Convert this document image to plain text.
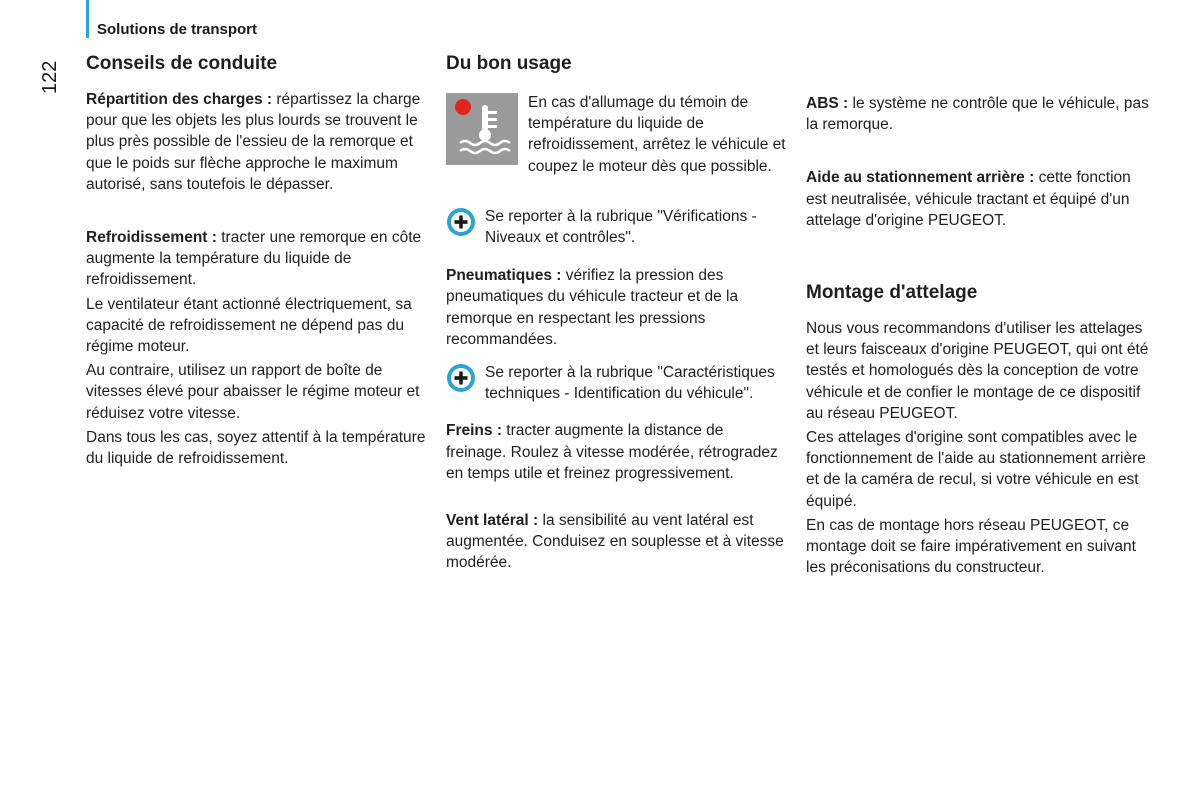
Solutions de transport
122 Conseils de conduite

Répartition des charges : répartissez la charge pour que les objets les plus lourds se trouvent le plus près possible de l'essieu de la remorque et que le poids sur flèche approche le maximum autorisé, sans toutefois le dépasser.

Refroidissement : tracter une remorque en côte augmente la température du liquide de refroidissement.

Le ventilateur étant actionné électriquement, sa capacité de refroidissement ne dépend pas du régime moteur.

Au contraire, utilisez un rapport de boîte de vitesses élevé pour abaisser le régime moteur et réduisez votre vitesse.

Dans tous les cas, soyez attentif à la température du liquide de refroidissement.

Du bon usage

En cas d'allumage du témoin de température du liquide de refroidissement, arrêtez le véhicule et coupez le moteur dès que possible.

Se reporter à la rubrique "Vérifications - Niveaux et contrôles".

Pneumatiques : vérifiez la pression des pneumatiques du véhicule tracteur et de la remorque en respectant les pressions recommandées.

Se reporter à la rubrique "Caractéristiques techniques - Identification du véhicule".

Freins : tracter augmente la distance de freinage. Roulez à vitesse modérée, rétrogradez en temps utile et freinez progressivement.

Vent latéral : la sensibilité au vent latéral est augmentée. Conduisez en souplesse et à vitesse modérée.

ABS : le système ne contrôle que le véhicule, pas la remorque.

Aide au stationnement arrière : cette fonction est neutralisée, véhicule tractant et équipé d'un attelage d'origine PEUGEOT.

Montage d'attelage

Nous vous recommandons d'utiliser les attelages et leurs faisceaux d'origine PEUGEOT, qui ont été testés et homologués dès la conception de votre véhicule et de confier le montage de ce dispositif au réseau PEUGEOT.

Ces attelages d'origine sont compatibles avec le fonctionnement de l'aide au stationnement arrière et de la caméra de recul, si votre véhicule en est équipé.

En cas de montage hors réseau PEUGEOT, ce montage doit se faire impérativement en suivant les préconisations du constructeur.
